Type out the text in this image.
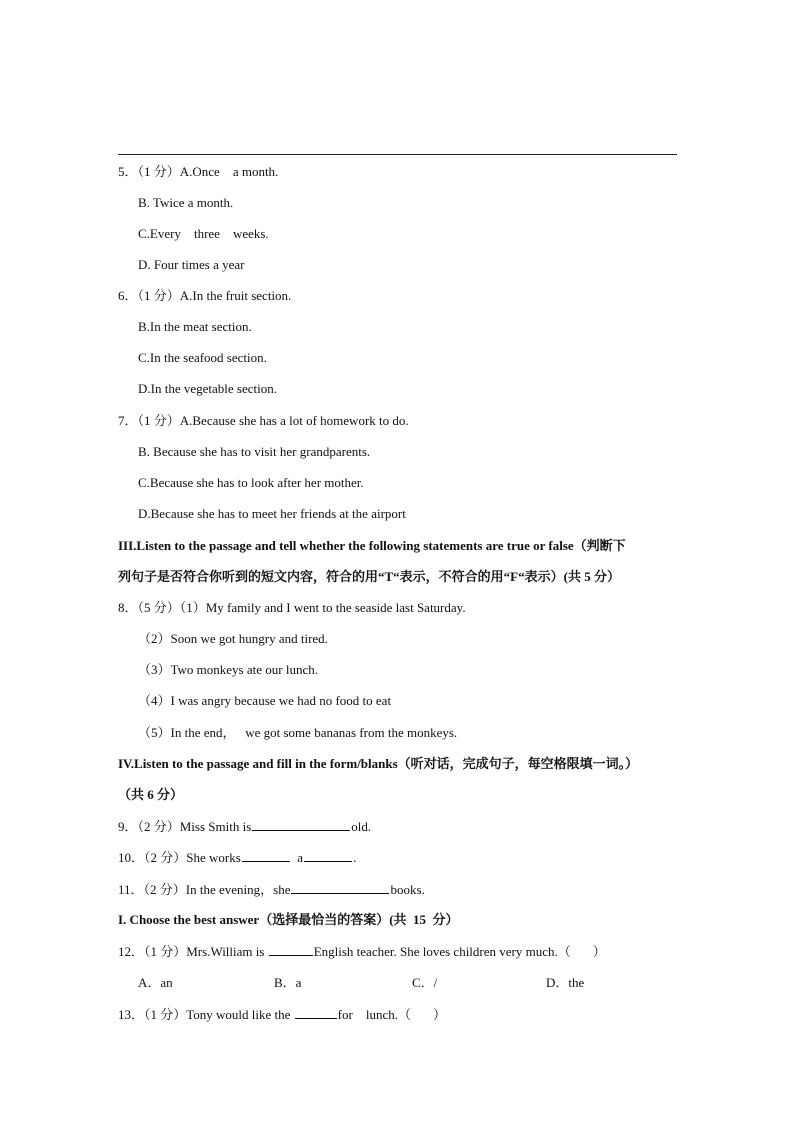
5．（1 分）A.Once    a month.
B. Twice a month.
C.Every    three    weeks.
D. Four times a year
6．（1 分）A.In the fruit section.
B.In the meat section.
C.In the seafood section.
D.In the vegetable section.
7．（1 分）A.Because she has a lot of homework to do.
B. Because she has to visit her grandparents.
C.Because she has to look after her mother.
D.Because she has to meet her friends at the airport
III.Listen to the passage and tell whether the following statements are true or false（判断下
列句子是否符合你听到的短文内容，符合的用“T“表示，不符合的用“F“表示）(共 5 分）
8．（5 分）（1）My family and I went to the seaside last Saturday.
（2）Soon we got hungry and tired.
（3）Two monkeys ate our lunch.
（4）I was angry because we had no food to eat
（5）In the end，   we got some bananas from the monkeys.
IV.Listen to the passage and fill in the form/blanks（听对话，完成句子，每空格限填一词。）
（共 6 分）
9．（2 分）Miss Smith is	old.
10．（2 分）She works	a	.
11．（2 分）In the evening，she	books.
I. Choose the best answer（选择最恰当的答案）(共  15  分）
12．（1 分）Mrs.William is	English teacher. She loves children very much.（ ）
A．an	B．a	C．/	D．the
13．（1 分）Tony would like the	for    lunch.（ ）
